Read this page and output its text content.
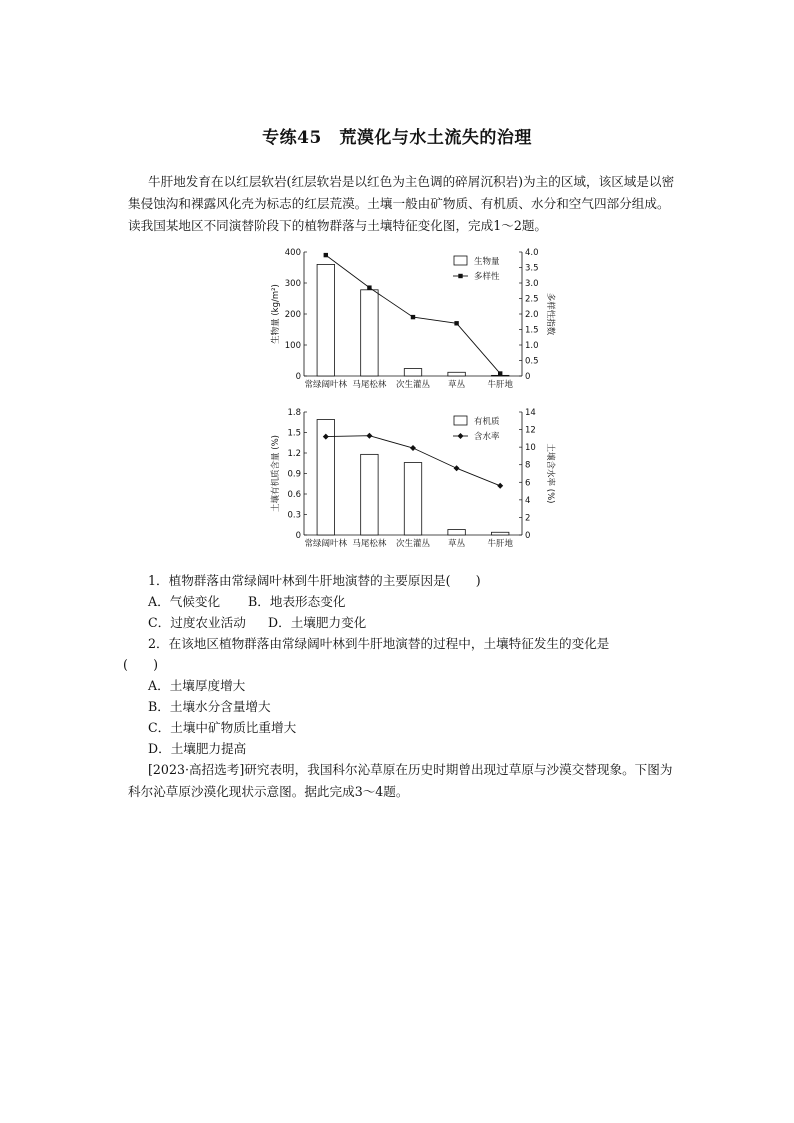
专练45　荒漠化与水土流失的治理

牛肝地发育在以红层软岩(红层软岩是以红色为主色调的碎屑沉积岩)为主的区域，该区域是以密集侵蚀沟和裸露风化壳为标志的红层荒漠。土壤一般由矿物质、有机质、水分和空气四部分组成。读我国某地区不同演替阶段下的植物群落与土壤特征变化图，完成1～2题。

0
100
200
300
400
0
0.5
1.0
1.5
2.0
2.5
3.0
3.5
4.0
生物量 (kg/m²)	多样性指数
常绿阔叶林 马尾松林 次生灌丛 草丛	牛肝地
生物量
多样性
0
0.3
0.6
0.9
1.2
1.5
1.8
0
2
4
6
8
10
12
14
土壤有机质含量 (%)	土壤含水率 (%)
常绿阔叶林 马尾松林 次生灌丛 草丛	牛肝地
有机质
含水率
1．植物群落由常绿阔叶林到牛肝地演替的主要原因是(　　)
A．气候变化 B．地表形态变化
C．过度农业活动 D．土壤肥力变化
2．在该地区植物群落由常绿阔叶林到牛肝地演替的过程中，土壤特征发生的变化是
(　　)
A．土壤厚度增大
B．土壤水分含量增大
C．土壤中矿物质比重增大
D．土壤肥力提高

[2023·高招选考]研究表明，我国科尔沁草原在历史时期曾出现过草原与沙漠交替现象。下图为科尔沁草原沙漠化现状示意图。据此完成3～4题。
